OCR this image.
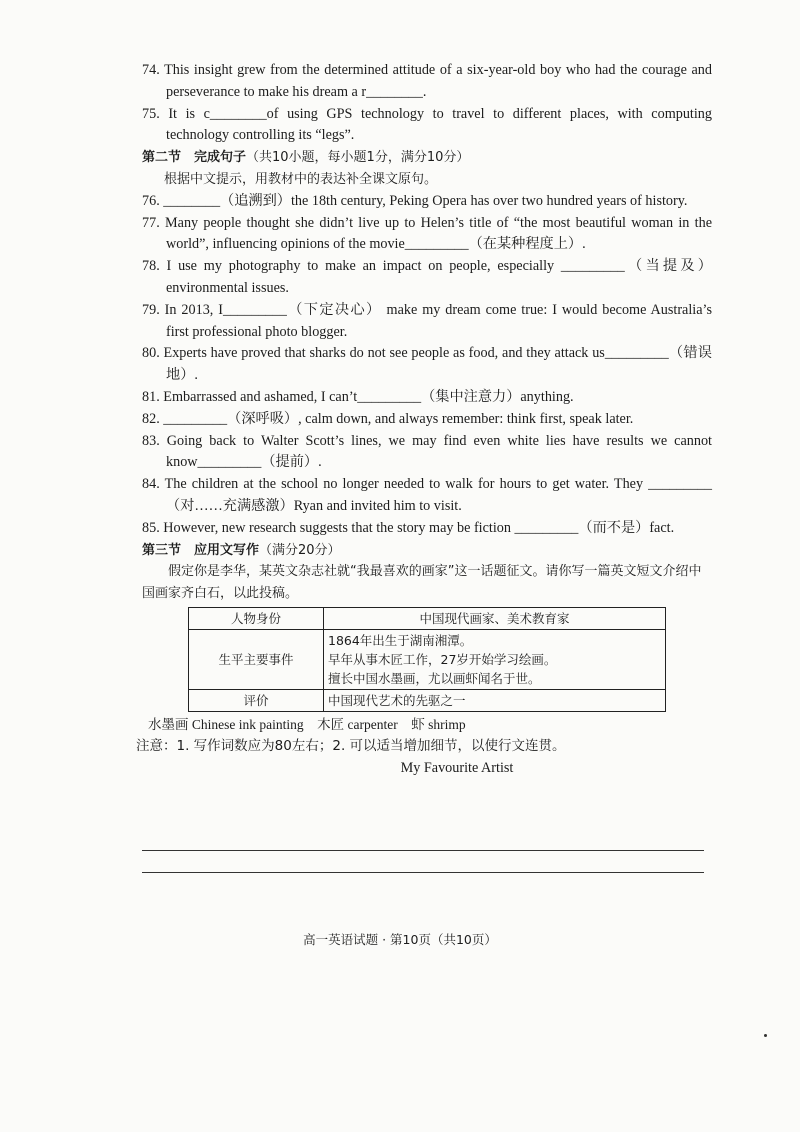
74. This insight grew from the determined attitude of a six-year-old boy who had the courage and perseverance to make his dream a r________.
75. It is c________of using GPS technology to travel to different places, with computing technology controlling its “legs”.
第二节　完成句子（共10小题，每小题1分，满分10分）
根据中文提示，用教材中的表达补全课文原句。
76. ________（追溯到）the 18th century, Peking Opera has over two hundred years of history.
77. Many people thought she didn’t live up to Helen’s title of “the most beautiful woman in the world”, influencing opinions of the movie_________（在某种程度上）.
78. I use my photography to make an impact on people, especially _________（当提及）environmental issues.
79. In 2013, I_________（下定决心） make my dream come true: I would become Australia’s first professional photo blogger.
80. Experts have proved that sharks do not see people as food, and they attack us_________（错误地）.
81. Embarrassed and ashamed, I can’t_________（集中注意力）anything.
82. _________（深呼吸）, calm down, and always remember: think first, speak later.
83. Going back to Walter Scott’s lines, we may find even white lies have results we cannot know_________（提前）.
84. The children at the school no longer needed to walk for hours to get water. They _________（对……充满感激）Ryan and invited him to visit.
85. However, new research suggests that the story may be fiction _________（而不是）fact.
第三节　应用文写作（满分20分）
假定你是李华，某英文杂志社就“我最喜欢的画家”这一话题征文。请你写一篇英文短文介绍中国画家齐白石，以此投稿。
人物身份	中国现代画家、美术教育家
生平主要事件	1864年出生于湖南湘潭。
早年从事木匠工作，27岁开始学习绘画。
擅长中国水墨画，尤以画虾闻名于世。

评价	中国现代艺术的先驱之一
水墨画 Chinese ink painting　木匠 carpenter　虾 shrimp
注意：1. 写作词数应为80左右；2. 可以适当增加细节，以使行文连贯。
My Favourite Artist
高一英语试题 · 第10页（共10页）
